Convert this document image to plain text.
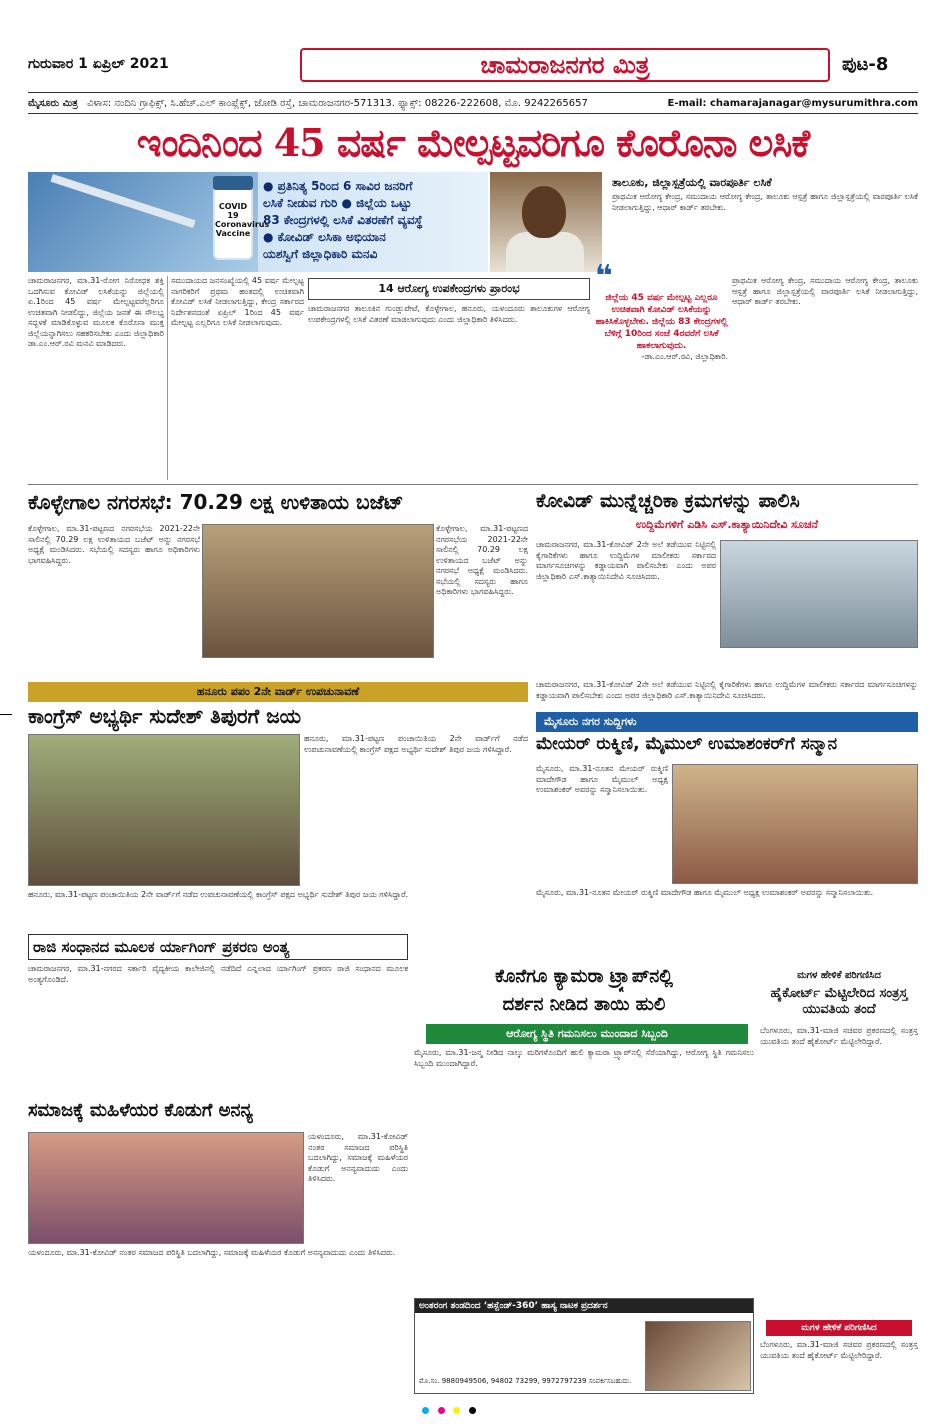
ಗುರುವಾರ 1 ಏಪ್ರಿಲ್ 2021	ಚಾಮರಾಜನಗರ ಮಿತ್ರ	ಪುಟ-8
ಮೈಸೂರು ಮಿತ್ರ ವಿಳಾಸ: ನಂದಿನಿ ಗ್ರಾಫಿಕ್ಸ್, ಸಿ.ಹೆಚ್.ಎಲ್ ಕಾಂಪ್ಲೆಕ್ಸ್, ಜೋಡಿ ರಸ್ತೆ, ಚಾಮರಾಜನಗರ-571313. ಫ್ಯಾಕ್ಸ್: 08226-222608, ಮೊ. 9242265657	E-mail: chamarajanagar@mysurumithra.com
ಇಂದಿನಿಂದ 45 ವರ್ಷ ಮೇಲ್ಪಟ್ಟವರಿಗೂ ಕೊರೊನಾ ಲಸಿಕೆ
COVID 19 Coronavirus Vaccine
● ಪ್ರತಿನಿತ್ಯ 5ರಿಂದ 6 ಸಾವಿರ ಜನರಿಗೆ
ಲಸಿಕೆ ನೀಡುವ ಗುರಿ ● ಜಿಲ್ಲೆಯ ಒಟ್ಟು
83 ಕೇಂದ್ರಗಳಲ್ಲಿ ಲಸಿಕೆ ವಿತರಣೆಗೆ ವ್ಯವಸ್ಥೆ
● ಕೋವಿಡ್ ಲಸಿಕಾ ಅಭಿಯಾನ
ಯಶಸ್ವಿಗೆ ಜಿಲ್ಲಾಧಿಕಾರಿ ಮನವಿ
ತಾಲೂಕು, ಜಿಲ್ಲಾಸ್ಪತ್ರೆಯಲ್ಲಿ ವಾರಪೂರ್ತಿ ಲಸಿಕೆ
ಪ್ರಾಥಮಿಕ ಆರೋಗ್ಯ ಕೇಂದ್ರ, ಸಮುದಾಯ ಆರೋಗ್ಯ ಕೇಂದ್ರ, ತಾಲೂಕು ಆಸ್ಪತ್ರೆ ಹಾಗೂ ಜಿಲ್ಲಾಸ್ಪತ್ರೆಯಲ್ಲಿ ವಾರಪೂರ್ತಿ ಲಸಿಕೆ ನೀಡಲಾಗುತ್ತಿದ್ದು, ಆಧಾರ್ ಕಾರ್ಡ್ ತರಬೇಕು.
ಚಾಮರಾಜನಗರ, ಮಾ.31-ರೋಗ ನಿರೋಧಕ ಶಕ್ತಿ ಒದಗಿಸುವ ಕೋವಿಡ್ ಲಸಿಕೆಯನ್ನು ಜಿಲ್ಲೆಯಲ್ಲಿ ಏ.1ರಿಂದ 45 ವರ್ಷ ಮೇಲ್ಪಟ್ಟವರೆಲ್ಲರಿಗೂ ಉಚಿತವಾಗಿ ನೀಡಲಿದ್ದು, ಜಿಲ್ಲೆಯ ಜನತೆ ಈ ಸೌಲಭ್ಯ ಸದ್ಬಳಕೆ ಮಾಡಿಕೊಳ್ಳುವ ಮೂಲಕ ಕೊರೊನಾ ಮುಕ್ತ ಜಿಲ್ಲೆಯನ್ನಾಗಿಸಲು ಸಹಕರಿಸಬೇಕು ಎಂದು ಜಿಲ್ಲಾಧಿಕಾರಿ ಡಾ.ಎಂ.ಆರ್.ರವಿ ಮನವಿ ಮಾಡಿದರು.
ಸಮುದಾಯದ ಜನಸಂಖ್ಯೆಯಲ್ಲಿ 45 ವರ್ಷ ಮೇಲ್ಪಟ್ಟ ನಾಗರಿಕರಿಗೆ ಪ್ರಥಮ ಹಂತದಲ್ಲಿ ಉಚಿತವಾಗಿ ಕೋವಿಡ್ ಲಸಿಕೆ ನೀಡಲಾಗುತ್ತಿದ್ದು, ಕೇಂದ್ರ ಸರ್ಕಾರದ ನಿರ್ದೇಶನದಂತೆ ಏಪ್ರಿಲ್ 1ರಿಂದ 45 ವರ್ಷ ಮೇಲ್ಪಟ್ಟ ಎಲ್ಲರಿಗೂ ಲಸಿಕೆ ನೀಡಲಾಗುವುದು.
14 ಆರೋಗ್ಯ ಉಪಕೇಂದ್ರಗಳು ಪ್ರಾರಂಭ
ಚಾಮರಾಜನಗರ ತಾಲೂಕಿನ ಗುಂಡ್ಲುಪೇಟೆ, ಕೊಳ್ಳೇಗಾಲ, ಹನೂರು, ಯಳಂದೂರು ತಾಲೂಕುಗಳ ಆರೋಗ್ಯ ಉಪಕೇಂದ್ರಗಳಲ್ಲಿ ಲಸಿಕೆ ವಿತರಣೆ ಮಾಡಲಾಗುವುದು ಎಂದು ಜಿಲ್ಲಾಧಿಕಾರಿ ತಿಳಿಸಿದರು.
❝
ಜಿಲ್ಲೆಯ 45 ವರ್ಷ ಮೇಲ್ಪಟ್ಟ ಎಲ್ಲರೂ ಉಚಿತವಾಗಿ ಕೋವಿಡ್ ಲಸಿಕೆಯನ್ನು ಹಾಕಿಸಿಕೊಳ್ಳಬೇಕು. ಜಿಲ್ಲೆಯ 83 ಕೇಂದ್ರಗಳಲ್ಲಿ ಬೆಳಿಗ್ಗೆ 10ರಿಂದ ಸಂಜೆ 4ರವರೆಗೆ ಲಸಿಕೆ ಹಾಕಲಾಗುವುದು.
-ಡಾ.ಎಂ.ಆರ್.ರವಿ, ಜಿಲ್ಲಾಧಿಕಾರಿ.
ಪ್ರಾಥಮಿಕ ಆರೋಗ್ಯ ಕೇಂದ್ರ, ಸಮುದಾಯ ಆರೋಗ್ಯ ಕೇಂದ್ರ, ತಾಲೂಕು ಆಸ್ಪತ್ರೆ ಹಾಗೂ ಜಿಲ್ಲಾಸ್ಪತ್ರೆಯಲ್ಲಿ ವಾರಪೂರ್ತಿ ಲಸಿಕೆ ನೀಡಲಾಗುತ್ತಿದ್ದು, ಆಧಾರ್ ಕಾರ್ಡ್ ತರಬೇಕು.
ಕೊಳ್ಳೇಗಾಲ ನಗರಸಭೆ: 70.29 ಲಕ್ಷ ಉಳಿತಾಯ ಬಜೆಟ್
ಕೊಳ್ಳೇಗಾಲ, ಮಾ.31-ಪಟ್ಟಣದ ನಗರಸಭೆಯ 2021-22ನೇ ಸಾಲಿನಲ್ಲಿ 70.29 ಲಕ್ಷ ಉಳಿತಾಯದ ಬಜೆಟ್ ಅನ್ನು ನಗರಸಭೆ ಅಧ್ಯಕ್ಷೆ ಮಂಡಿಸಿದರು. ಸಭೆಯಲ್ಲಿ ಸದಸ್ಯರು ಹಾಗೂ ಅಧಿಕಾರಿಗಳು ಭಾಗವಹಿಸಿದ್ದರು.
ಕೊಳ್ಳೇಗಾಲ, ಮಾ.31-ಪಟ್ಟಣದ ನಗರಸಭೆಯ 2021-22ನೇ ಸಾಲಿನಲ್ಲಿ 70.29 ಲಕ್ಷ ಉಳಿತಾಯದ ಬಜೆಟ್ ಅನ್ನು ನಗರಸಭೆ ಅಧ್ಯಕ್ಷೆ ಮಂಡಿಸಿದರು. ಸಭೆಯಲ್ಲಿ ಸದಸ್ಯರು ಹಾಗೂ ಅಧಿಕಾರಿಗಳು ಭಾಗವಹಿಸಿದ್ದರು.
ಕೋವಿಡ್ ಮುನ್ನೆಚ್ಚರಿಕಾ ಕ್ರಮಗಳನ್ನು ಪಾಲಿಸಿ
ಉದ್ದಿಮೆಗಳಿಗೆ ಎಡಿಸಿ ಎಸ್.ಕಾತ್ಯಾಯಿನಿದೇವಿ ಸೂಚನೆ
ಚಾಮರಾಜನಗರ, ಮಾ.31-ಕೋವಿಡ್ 2ನೇ ಅಲೆ ತಡೆಯುವ ನಿಟ್ಟಿನಲ್ಲಿ ಕೈಗಾರಿಕೆಗಳು ಹಾಗೂ ಉದ್ದಿಮೆಗಳ ಮಾಲೀಕರು ಸರ್ಕಾರದ ಮಾರ್ಗಸೂಚಿಗಳನ್ನು ಕಡ್ಡಾಯವಾಗಿ ಪಾಲಿಸಬೇಕು ಎಂದು ಅಪರ ಜಿಲ್ಲಾಧಿಕಾರಿ ಎಸ್.ಕಾತ್ಯಾಯಿನಿದೇವಿ ಸೂಚಿಸಿದರು.
ಚಾಮರಾಜನಗರ, ಮಾ.31-ಕೋವಿಡ್ 2ನೇ ಅಲೆ ತಡೆಯುವ ನಿಟ್ಟಿನಲ್ಲಿ ಕೈಗಾರಿಕೆಗಳು ಹಾಗೂ ಉದ್ದಿಮೆಗಳ ಮಾಲೀಕರು ಸರ್ಕಾರದ ಮಾರ್ಗಸೂಚಿಗಳನ್ನು ಕಡ್ಡಾಯವಾಗಿ ಪಾಲಿಸಬೇಕು ಎಂದು ಅಪರ ಜಿಲ್ಲಾಧಿಕಾರಿ ಎಸ್.ಕಾತ್ಯಾಯಿನಿದೇವಿ ಸೂಚಿಸಿದರು.
ಹನೂರು ಪಪಂ 2ನೇ ವಾರ್ಡ್ ಉಪಚುನಾವಣೆ
ಕಾಂಗ್ರೆಸ್ ಅಭ್ಯರ್ಥಿ ಸುದೇಶ್ ತಿಪುರಗೆ ಜಯ
ಹನೂರು, ಮಾ.31-ಪಟ್ಟಣ ಪಂಚಾಯಿತಿಯ 2ನೇ ವಾರ್ಡ್‌ಗೆ ನಡೆದ ಉಪಚುನಾವಣೆಯಲ್ಲಿ ಕಾಂಗ್ರೆಸ್ ಪಕ್ಷದ ಅಭ್ಯರ್ಥಿ ಸುದೇಶ್ ತಿಪುರ ಜಯ ಗಳಿಸಿದ್ದಾರೆ.
ಹನೂರು, ಮಾ.31-ಪಟ್ಟಣ ಪಂಚಾಯಿತಿಯ 2ನೇ ವಾರ್ಡ್‌ಗೆ ನಡೆದ ಉಪಚುನಾವಣೆಯಲ್ಲಿ ಕಾಂಗ್ರೆಸ್ ಪಕ್ಷದ ಅಭ್ಯರ್ಥಿ ಸುದೇಶ್ ತಿಪುರ ಜಯ ಗಳಿಸಿದ್ದಾರೆ.
ಮೈಸೂರು ನಗರ ಸುದ್ದಿಗಳು
ಮೇಯರ್ ರುಕ್ಮಿಣಿ, ಮೈಮುಲ್ ಉಮಾಶಂಕರ್‌ಗೆ ಸನ್ಮಾನ
ಮೈಸೂರು, ಮಾ.31-ನೂತನ ಮೇಯರ್ ರುಕ್ಮಿಣಿ ಮಾದೇಗೌಡ ಹಾಗೂ ಮೈಮುಲ್ ಅಧ್ಯಕ್ಷ ಉಮಾಶಂಕರ್ ಅವರನ್ನು ಸನ್ಮಾನಿಸಲಾಯಿತು.
ಮೈಸೂರು, ಮಾ.31-ನೂತನ ಮೇಯರ್ ರುಕ್ಮಿಣಿ ಮಾದೇಗೌಡ ಹಾಗೂ ಮೈಮುಲ್ ಅಧ್ಯಕ್ಷ ಉಮಾಶಂಕರ್ ಅವರನ್ನು ಸನ್ಮಾನಿಸಲಾಯಿತು.
ರಾಜಿ ಸಂಧಾನದ ಮೂಲಕ ರ್ಯಾಗಿಂಗ್ ಪ್ರಕರಣ ಅಂತ್ಯ
ಚಾಮರಾಜನಗರ, ಮಾ.31-ನಗರದ ಸರ್ಕಾರಿ ವೈದ್ಯಕೀಯ ಕಾಲೇಜಿನಲ್ಲಿ ನಡೆದಿದೆ ಎನ್ನಲಾದ ರ್ಯಾಗಿಂಗ್ ಪ್ರಕರಣ ರಾಜಿ ಸಂಧಾನದ ಮೂಲಕ ಅಂತ್ಯಗೊಂಡಿದೆ.	ಕೊನೆಗೂ ಕ್ಯಾಮರಾ ಟ್ರ್ಯಾಪ್‌ನಲ್ಲಿ
ದರ್ಶನ ನೀಡಿದ ತಾಯಿ ಹುಲಿ
ಆರೋಗ್ಯ ಸ್ಥಿತಿ ಗಮನಿಸಲು ಮುಂದಾದ ಸಿಬ್ಬಂದಿ
ಮೈಸೂರು, ಮಾ.31-ಜನ್ಮ ನೀಡಿದ ನಾಲ್ಕು ಮರಿಗಳೊಂದಿಗೆ ಹುಲಿ ಕ್ಯಾಮರಾ ಟ್ರ್ಯಾಪ್‌ನಲ್ಲಿ ಸೆರೆಯಾಗಿದ್ದು, ಆರೋಗ್ಯ ಸ್ಥಿತಿ ಗಮನಿಸಲು ಸಿಬ್ಬಂದಿ ಮುಂದಾಗಿದ್ದಾರೆ.
ಮಗಳ ಹೇಳಿಕೆ ಪರಿಗಣಿಸಿದ
ಹೈಕೋರ್ಟ್ ಮೆಟ್ಟಿಲೇರಿದ ಸಂತ್ರಸ್ತ ಯುವತಿಯ ತಂದೆ
ಬೆಂಗಳೂರು, ಮಾ.31-ಮಾಜಿ ಸಚಿವರ ಪ್ರಕರಣದಲ್ಲಿ ಸಂತ್ರಸ್ತ ಯುವತಿಯ ತಂದೆ ಹೈಕೋರ್ಟ್ ಮೆಟ್ಟಿಲೇರಿದ್ದಾರೆ.
ಮಗಳ ಹೇಳಿಕೆ ಪರಿಗಣಿಸಿದ
ಬೆಂಗಳೂರು, ಮಾ.31-ಮಾಜಿ ಸಚಿವರ ಪ್ರಕರಣದಲ್ಲಿ ಸಂತ್ರಸ್ತ ಯುವತಿಯ ತಂದೆ ಹೈಕೋರ್ಟ್ ಮೆಟ್ಟಿಲೇರಿದ್ದಾರೆ.
ಸಮಾಜಕ್ಕೆ ಮಹಿಳೆಯರ ಕೊಡುಗೆ ಅನನ್ಯ
ಯಳಂದೂರು, ಮಾ.31-ಕೋವಿಡ್ ನಂತರ ಸಮಾಜದ ಪರಿಸ್ಥಿತಿ ಬದಲಾಗಿದ್ದು, ಸಮಾಜಕ್ಕೆ ಮಹಿಳೆಯರ ಕೊಡುಗೆ ಅನನ್ಯವಾದುದು ಎಂದು ತಿಳಿಸಿದರು.
ಯಳಂದೂರು, ಮಾ.31-ಕೋವಿಡ್ ನಂತರ ಸಮಾಜದ ಪರಿಸ್ಥಿತಿ ಬದಲಾಗಿದ್ದು, ಸಮಾಜಕ್ಕೆ ಮಹಿಳೆಯರ ಕೊಡುಗೆ ಅನನ್ಯವಾದುದು ಎಂದು ತಿಳಿಸಿದರು.
ಅಂತರಂಗ ತಂಡದಿಂದ ‘ಹಸ್ಬೆಂಡ್-360’ ಹಾಸ್ಯ ನಾಟಕ ಪ್ರದರ್ಶನ
ಮೊ.ಸಂ. 9880949506, 94802 73299, 9972797239 ಸಂಪರ್ಕಿಸಬಹುದು.
